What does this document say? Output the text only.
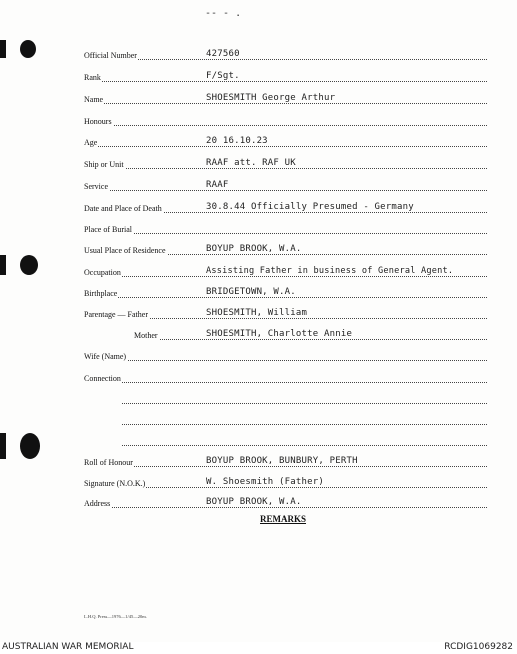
-- - .
Official Number	427560
Rank	F/Sgt.
Name	SHOESMITH George Arthur
Honours
Age	20 16.10.23
Ship or Unit	RAAF att. RAF UK
Service	RAAF
Date and Place of Death	30.8.44 Officially Presumed - Germany
Place of Burial
Usual Place of Residence	BOYUP BROOK, W.A.
Occupation	Assisting Father in business of General Agent.
Birthplace	BRIDGETOWN, W.A.
Parentage — Father	SHOESMITH, William
Mother	SHOESMITH, Charlotte Annie
Wife (Name)
Connection
Roll of Honour	BOYUP BROOK, BUNBURY, PERTH
Signature (N.O.K.)	W. Shoesmith (Father)
Address	BOYUP BROOK, W.A.
REMARKS
L.H.Q. Press—1976—1/45—20m.
AUSTRALIAN WAR MEMORIAL	RCDIG1069282
